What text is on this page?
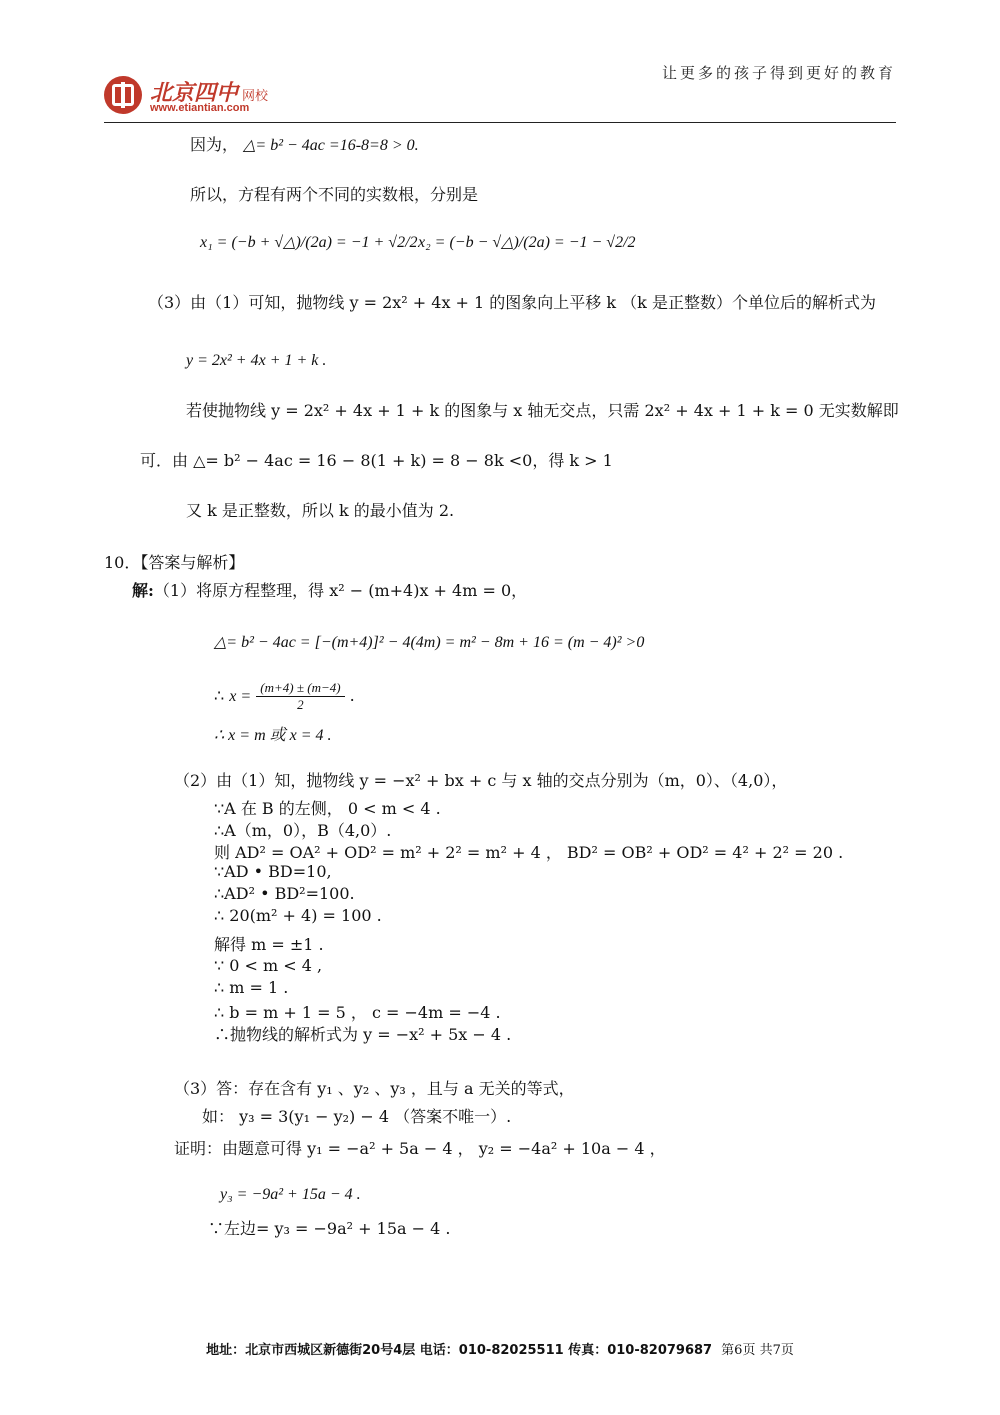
北京四中 网校
www.etiantian.com
让更多的孩子得到更好的教育
因为， △= b² − 4ac =16-8=8 > 0.
所以，方程有两个不同的实数根，分别是
x₁ = (−b + √△)/(2a) = −1 + √2/2 x₂ = (−b − √△)/(2a) = −1 − √2/2
（3）由（1）可知，抛物线 y = 2x² + 4x + 1 的图象向上平移 k （k 是正整数）个单位后的解析式为
y = 2x² + 4x + 1 + k .
若使抛物线 y = 2x² + 4x + 1 + k 的图象与 x 轴无交点，只需 2x² + 4x + 1 + k = 0 无实数解即
可．由 △= b² − 4ac = 16 − 8(1 + k) = 8 − 8k <0，得 k > 1
又 k 是正整数，所以 k 的最小值为 2.
10．【答案与解析】
解:（1）将原方程整理，得 x² − (m+4)x + 4m = 0，
△= b² − 4ac = [−(m+4)]² − 4(4m) = m² − 8m + 16 = (m − 4)² >0
∴ $x = \frac{(m+4) \pm (m-4)}{2}$ .
∴ x = m 或 x = 4 .
（2）由（1）知，抛物线 y = −x² + bx + c 与 x 轴的交点分别为（m，0）、（4,0），
∵A 在 B 的左侧， 0 < m < 4 .
∴A（m，0），B（4,0）.
则 AD² = OA² + OD² = m² + 2² = m² + 4 ， BD² = OB² + OD² = 4² + 2² = 20 .
∵AD • BD=10,
∴AD² • BD²=100.
∴ 20(m² + 4) = 100 .
解得 m = ±1 .
∵ 0 < m < 4 ,
∴ m = 1 .
∴ b = m + 1 = 5 ， c = −4m = −4 .
∴抛物线的解析式为 y = −x² + 5x − 4 .
（3）答：存在含有 y₁ 、y₂ 、y₃ ，且与 a 无关的等式，
如： y₃ = 3(y₁ − y₂) − 4 （答案不唯一）.
证明：由题意可得 y₁ = −a² + 5a − 4 ， y₂ = −4a² + 10a − 4 ，
y₃ = −9a² + 15a − 4 .
∵左边= y₃ = −9a² + 15a − 4 .
地址：北京市西城区新德街20号4层 电话：010-82025511 传真：010-82079687 第6页 共7页
